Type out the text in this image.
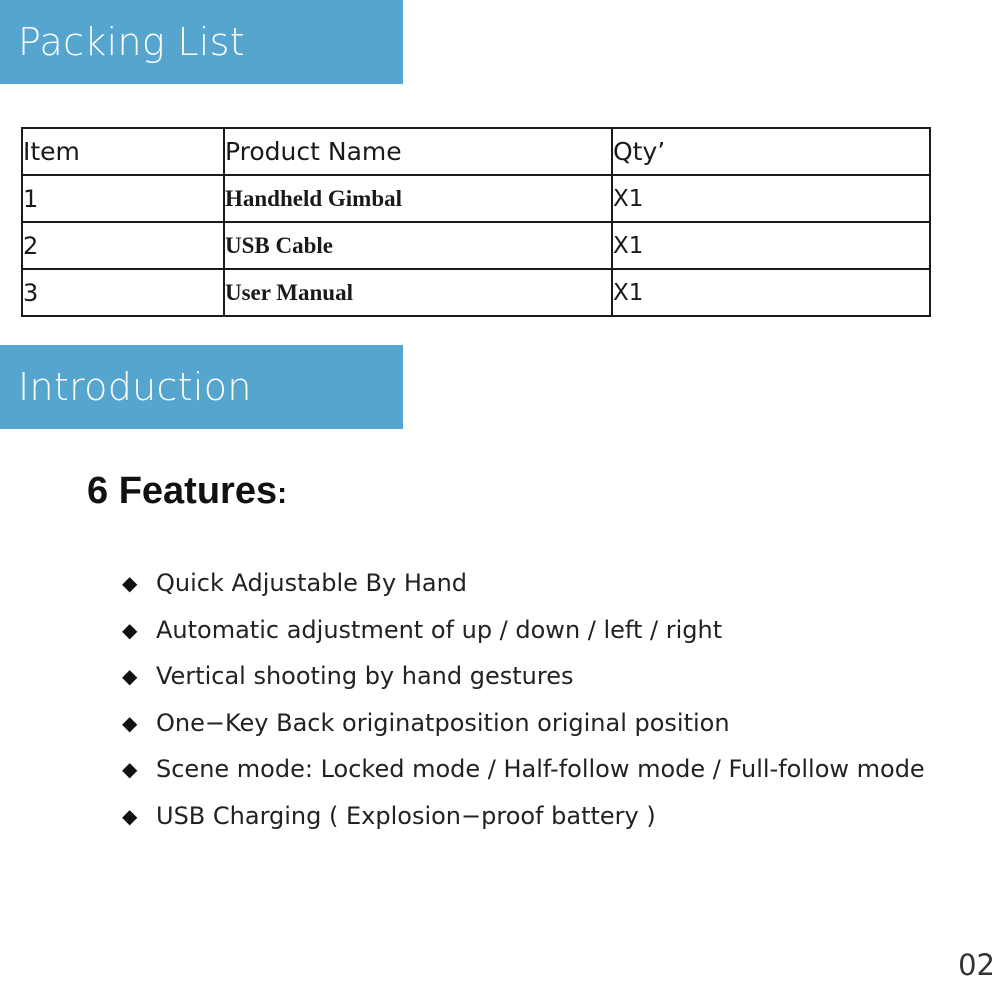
Packing List
Item	Product Name	Qty’
1	Handheld Gimbal	X1
2	USB Cable	X1
3	User Manual	X1
Introduction
6 Features:
◆ Quick Adjustable By Hand
◆ Automatic adjustment of up / down / left / right
◆ Vertical shooting by hand gestures
◆ One−Key Back originatposition original position
◆ Scene mode: Locked mode / Half-follow mode / Full-follow mode
◆ USB Charging ( Explosion−proof battery )
02
